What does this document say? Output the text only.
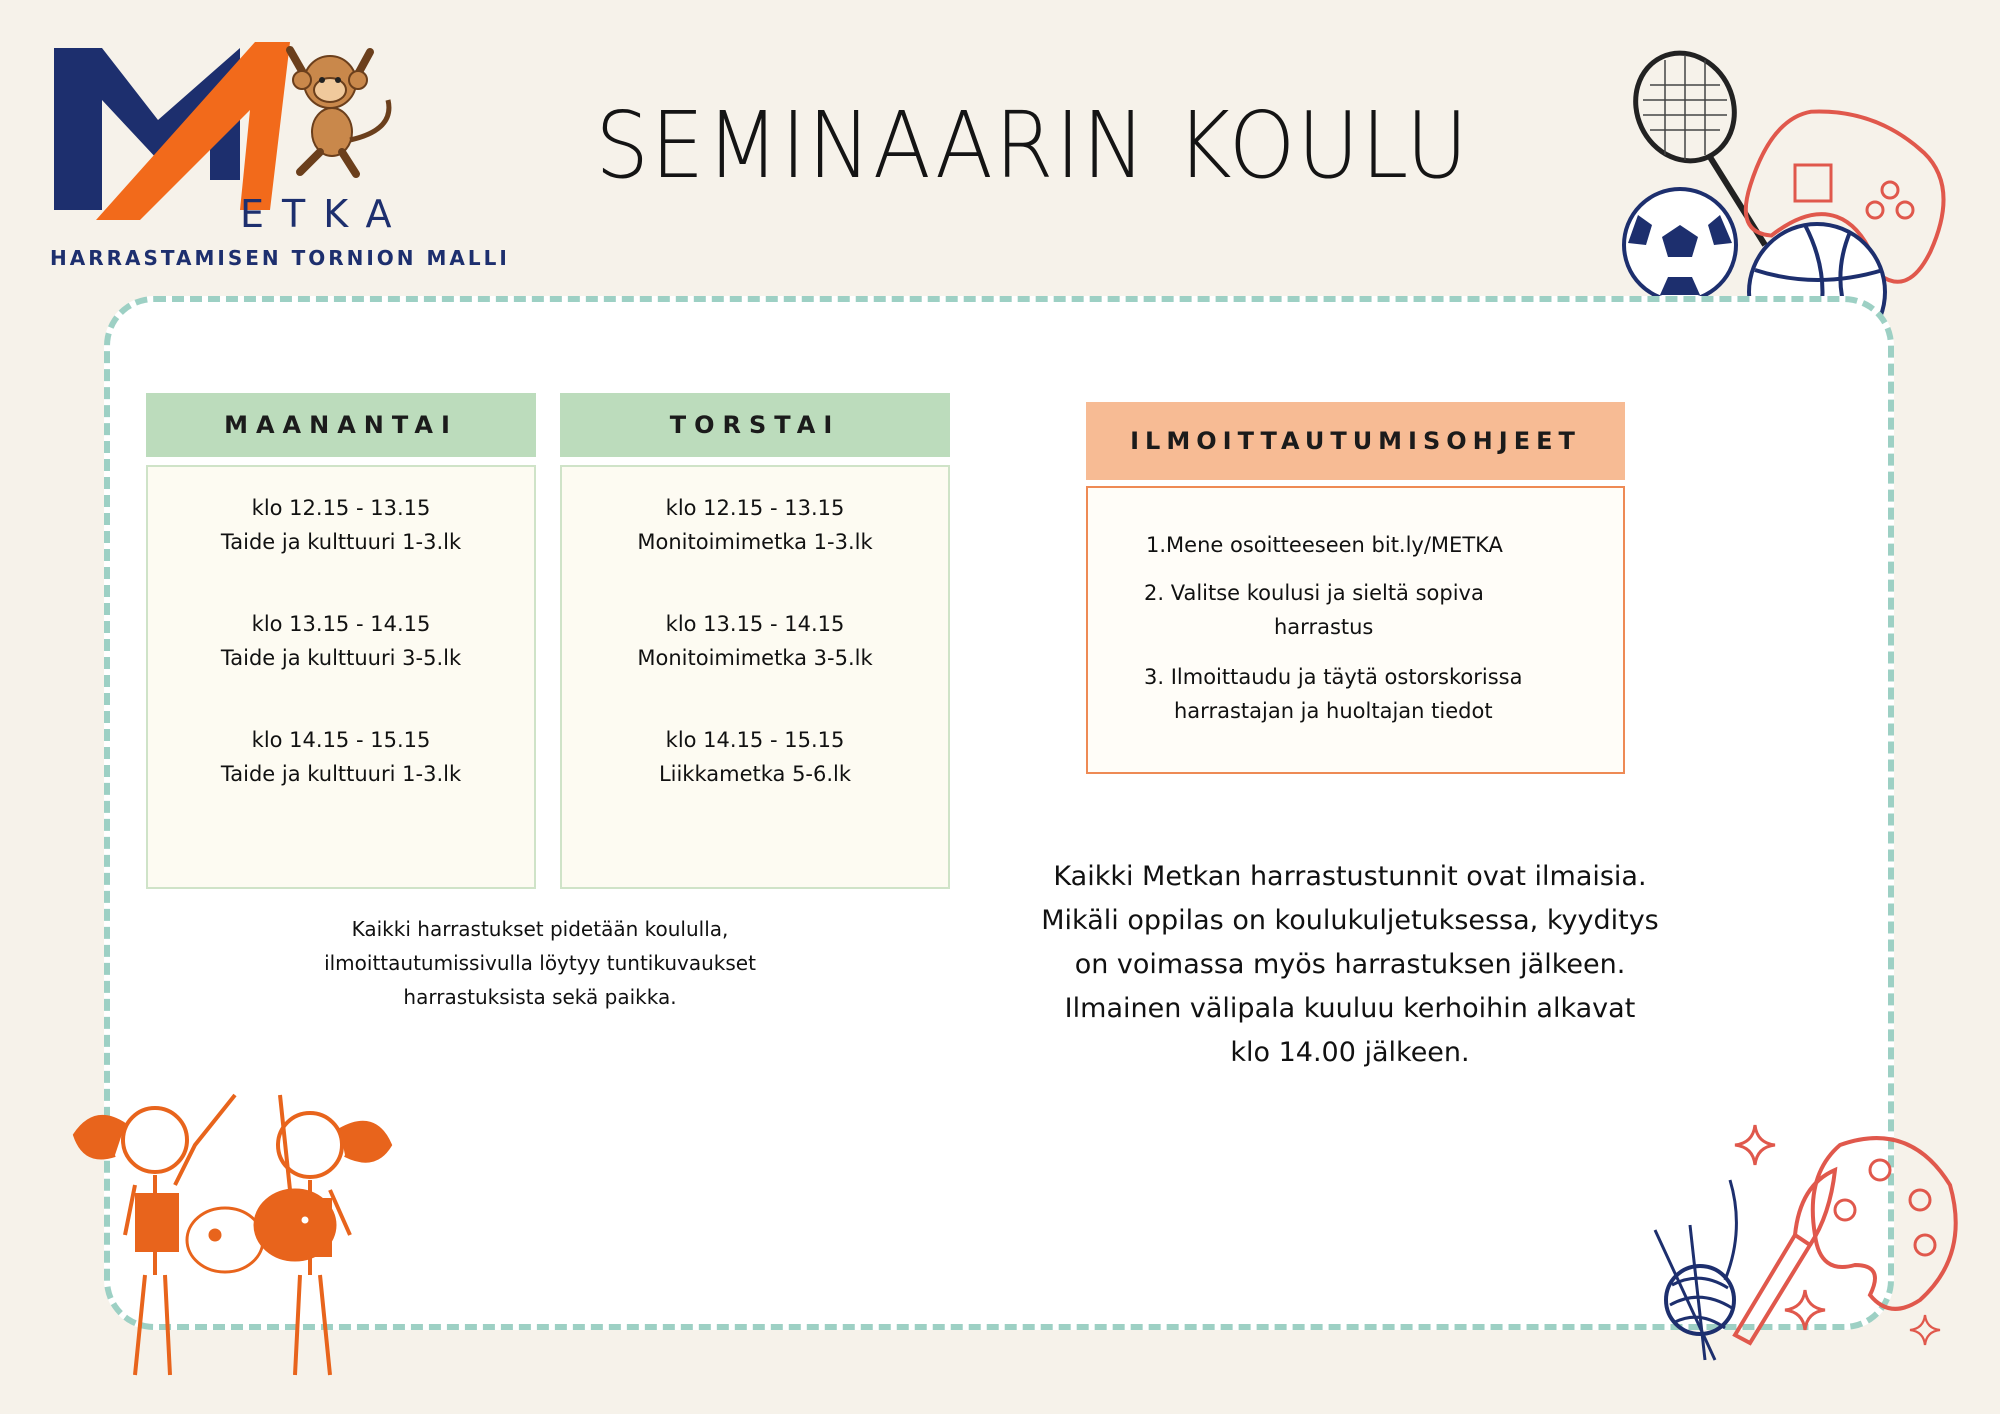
ETKA
HARRASTAMISEN TORNION MALLI
SEMINAARIN KOULU
MAANANTAI
klo 12.15 - 13.15
Taide ja kulttuuri 1-3.lk
klo 13.15 - 14.15
Taide ja kulttuuri 3-5.lk
klo 14.15 - 15.15
Taide ja kulttuuri 1-3.lk
TORSTAI
klo 12.15 - 13.15
Monitoimimetka 1-3.lk
klo 13.15 - 14.15
Monitoimimetka 3-5.lk
klo 14.15 - 15.15
Liikkametka 5-6.lk
Kaikki harrastukset pidetään koululla,
ilmoittautumissivulla löytyy tuntikuvaukset
harrastuksista sekä paikka.
ILMOITTAUTUMISOHJEET
1.Mene osoitteeseen bit.ly/METKA
2. Valitse koulusi ja sieltä sopiva
harrastus
3. Ilmoittaudu ja täytä ostorskorissa
harrastajan ja huoltajan tiedot
Kaikki Metkan harrastustunnit ovat ilmaisia.
Mikäli oppilas on koulukuljetuksessa, kyyditys
on voimassa myös harrastuksen jälkeen.
Ilmainen välipala kuuluu kerhoihin alkavat
klo 14.00 jälkeen.
